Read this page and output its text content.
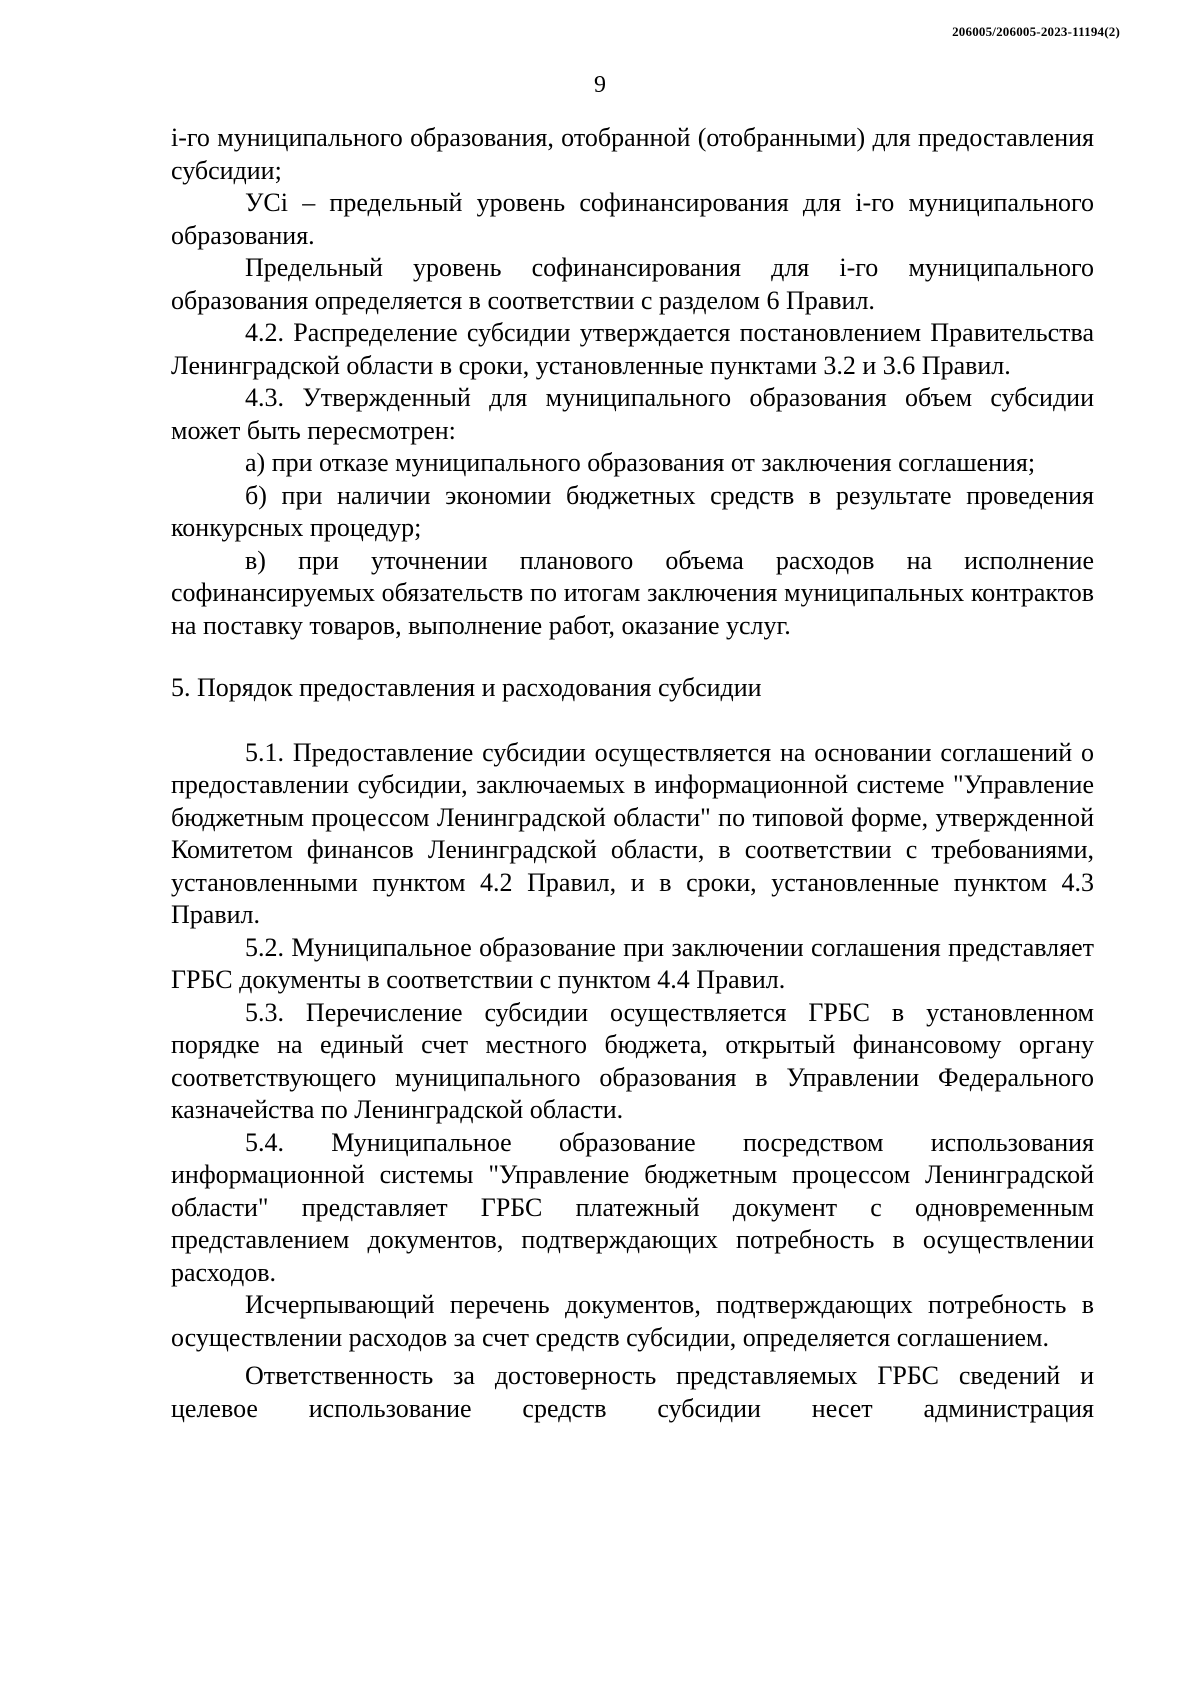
206005/206005-2023-11194(2)
9

i-го муниципального образования, отобранной (отобранными) для предоставления субсидии;

УСi – предельный уровень софинансирования для i-го муниципального образования.

Предельный уровень софинансирования для i-го муниципального образования определяется в соответствии с разделом 6 Правил.

4.2. Распределение субсидии утверждается постановлением Правительства Ленинградской области в сроки, установленные пунктами 3.2 и 3.6 Правил.

4.3. Утвержденный для муниципального образования объем субсидии может быть пересмотрен:

а) при отказе муниципального образования от заключения соглашения;

б) при наличии экономии бюджетных средств в результате проведения конкурсных процедур;

в) при уточнении планового объема расходов на исполнение софинансируемых обязательств по итогам заключения муниципальных контрактов на поставку товаров, выполнение работ, оказание услуг.

5. Порядок предоставления и расходования субсидии

5.1. Предоставление субсидии осуществляется на основании соглашений о предоставлении субсидии, заключаемых в информационной системе "Управление бюджетным процессом Ленинградской области" по типовой форме, утвержденной Комитетом финансов Ленинградской области, в соответствии с требованиями, установленными пунктом 4.2 Правил, и в сроки, установленные пунктом 4.3 Правил.

5.2. Муниципальное образование при заключении соглашения представляет ГРБС документы в соответствии с пунктом 4.4 Правил.

5.3. Перечисление субсидии осуществляется ГРБС в установленном порядке на единый счет местного бюджета, открытый финансовому органу соответствующего муниципального образования в Управлении Федерального казначейства по Ленинградской области.

5.4. Муниципальное образование посредством использования информационной системы "Управление бюджетным процессом Ленинградской области" представляет ГРБС платежный документ с одновременным представлением документов, подтверждающих потребность в осуществлении расходов.

Исчерпывающий перечень документов, подтверждающих потребность в осуществлении расходов за счет средств субсидии, определяется соглашением.

Ответственность за достоверность представляемых ГРБС сведений и целевое использование средств субсидии несет администрация
